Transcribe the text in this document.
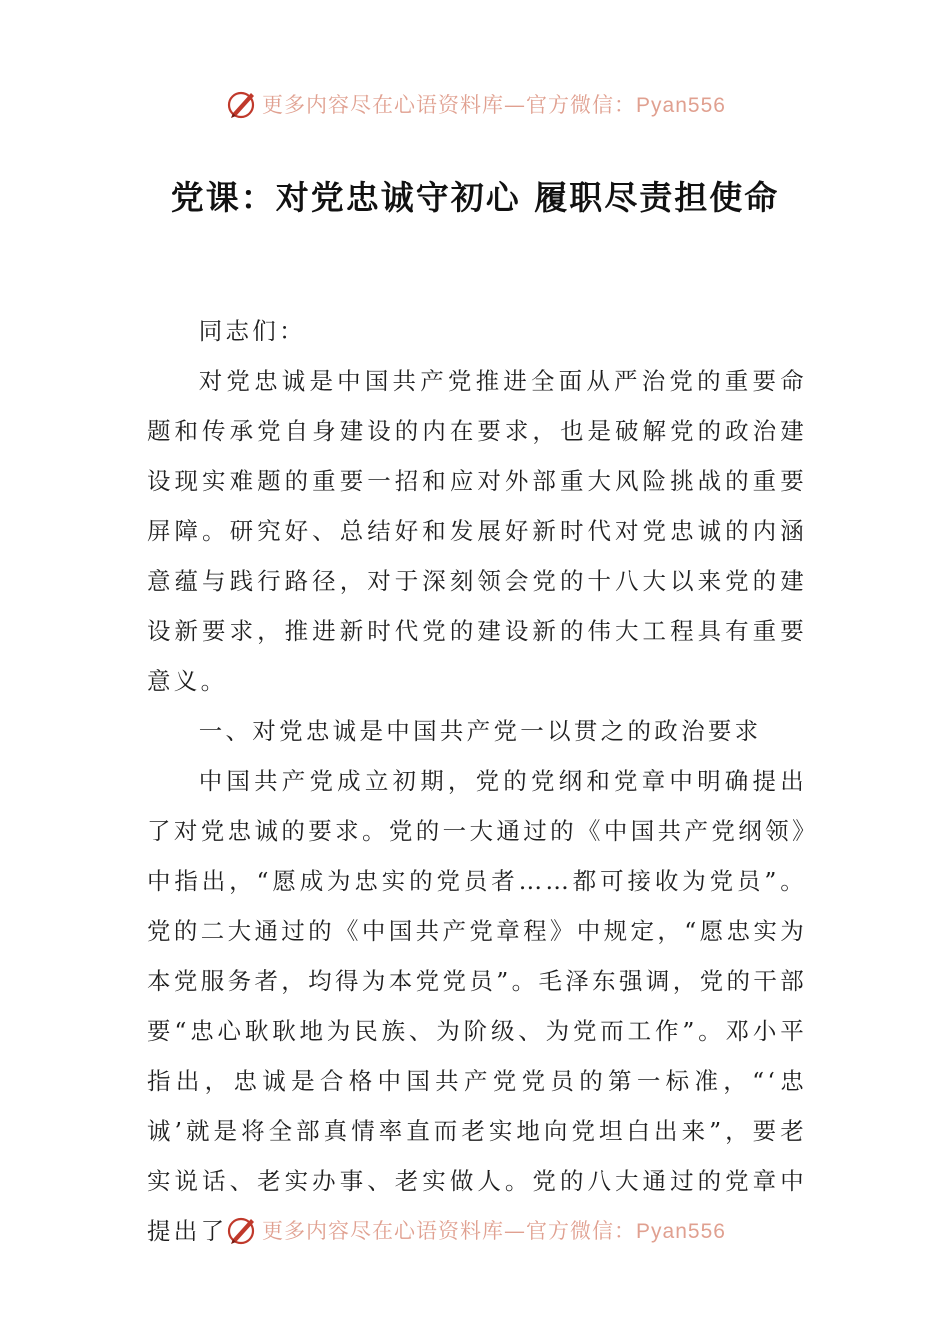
更多内容尽在心语资料库—官方微信：Pyan556
党课：对党忠诚守初心 履职尽责担使命

同志们：

对党忠诚是中国共产党推进全面从严治党的重要命题和传承党自身建设的内在要求，也是破解党的政治建设现实难题的重要一招和应对外部重大风险挑战的重要屏障。研究好、总结好和发展好新时代对党忠诚的内涵意蕴与践行路径，对于深刻领会党的十八大以来党的建设新要求，推进新时代党的建设新的伟大工程具有重要意义。

一、对党忠诚是中国共产党一以贯之的政治要求

中国共产党成立初期，党的党纲和党章中明确提出了对党忠诚的要求。党的一大通过的《中国共产党纲领》中指出，“愿成为忠实的党员者……都可接收为党员”。党的二大通过的《中国共产党章程》中规定，“愿忠实为本党服务者，均得为本党党员”。毛泽东强调，党的干部要“忠心耿耿地为民族、为阶级、为党而工作”。邓小平指出，忠诚是合格中国共产党党员的第一标准，“‘忠诚’就是将全部真情率直而老实地向党坦白出来”，要老实说话、老实办事、老实做人。党的八大通过的党章中提出了	更多内容尽在心语资料库—官方微信：Pyan556
